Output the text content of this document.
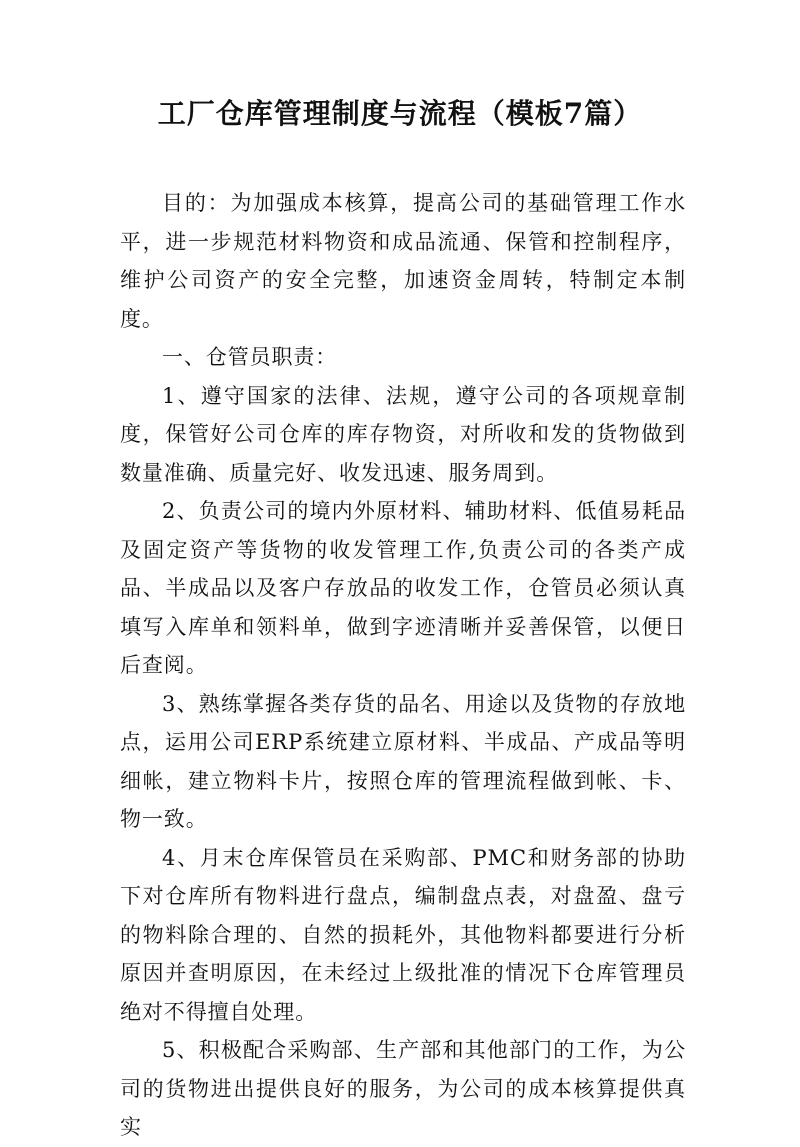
工厂仓库管理制度与流程（模板7篇）

目的：为加强成本核算，提高公司的基础管理工作水平，进一步规范材料物资和成品流通、保管和控制程序，维护公司资产的安全完整，加速资金周转，特制定本制度。

一、仓管员职责：

1、遵守国家的法律、法规，遵守公司的各项规章制度，保管好公司仓库的库存物资，对所收和发的货物做到数量准确、质量完好、收发迅速、服务周到。

2、负责公司的境内外原材料、辅助材料、低值易耗品及固定资产等货物的收发管理工作,负责公司的各类产成品、半成品以及客户存放品的收发工作，仓管员必须认真填写入库单和领料单，做到字迹清晰并妥善保管，以便日后查阅。

3、熟练掌握各类存货的品名、用途以及货物的存放地点，运用公司ERP系统建立原材料、半成品、产成品等明细帐，建立物料卡片，按照仓库的管理流程做到帐、卡、物一致。

4、月末仓库保管员在采购部、PMC和财务部的协助下对仓库所有物料进行盘点，编制盘点表，对盘盈、盘亏的物料除合理的、自然的损耗外，其他物料都要进行分析原因并查明原因，在未经过上级批准的情况下仓库管理员绝对不得擅自处理。

5、积极配合采购部、生产部和其他部门的工作，为公司的货物进出提供良好的服务，为公司的成本核算提供真实
